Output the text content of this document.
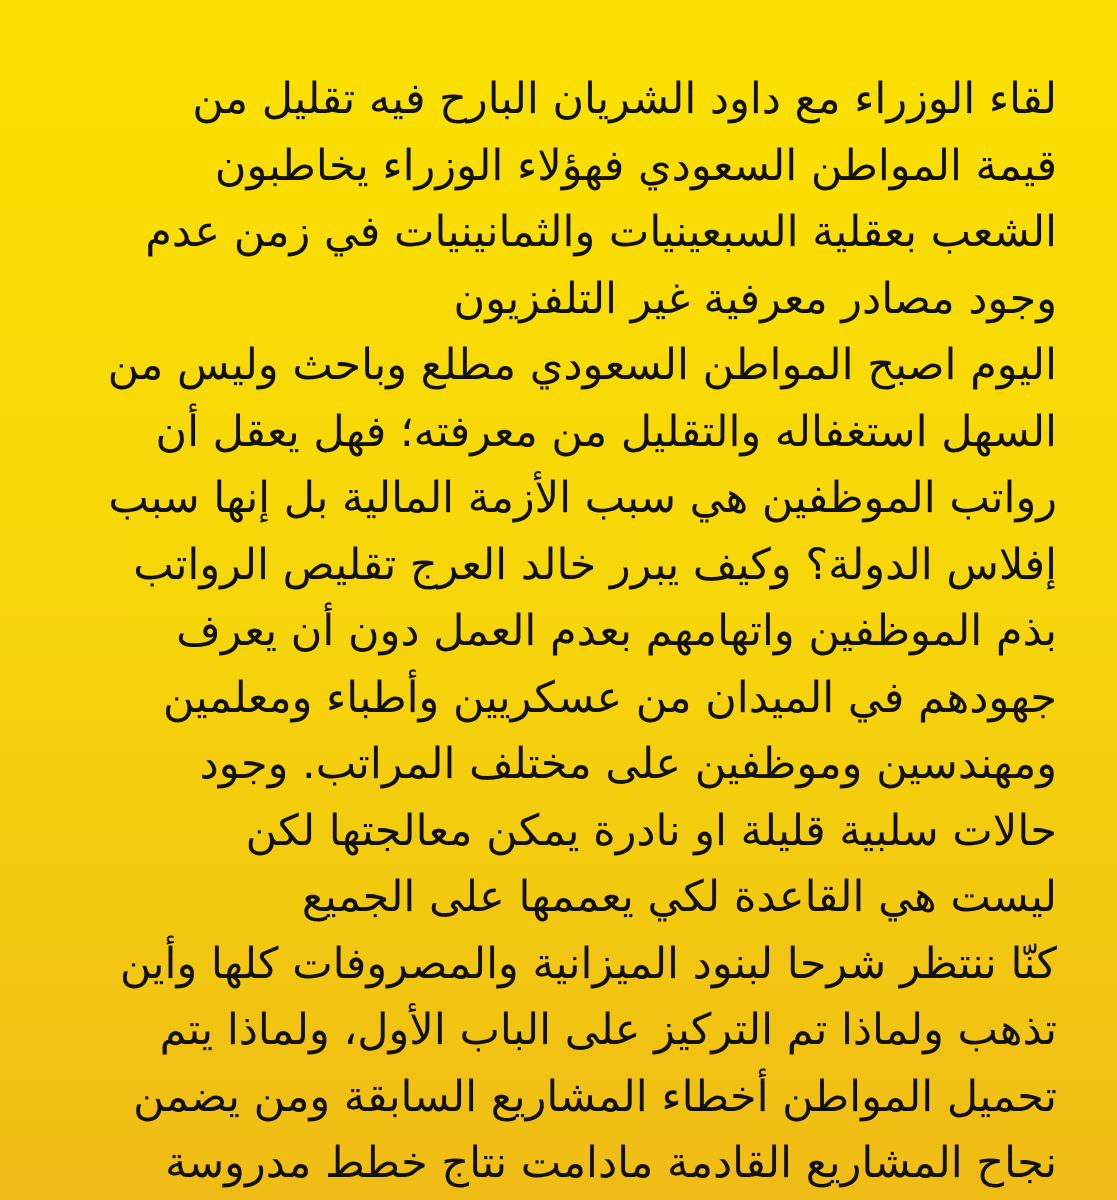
لقاء الوزراء مع داود الشريان البارح فيه تقليل من
قيمة المواطن السعودي فهؤلاء الوزراء يخاطبون
الشعب بعقلية السبعينيات والثمانينيات في زمن عدم
وجود مصادر معرفية غير التلفزيون
اليوم اصبح المواطن السعودي مطلع وباحث وليس من
السهل استغفاله والتقليل من معرفته؛ فهل يعقل أن
رواتب الموظفين هي سبب الأزمة المالية بل إنها سبب
إفلاس الدولة؟ وكيف يبرر خالد العرج تقليص الرواتب
بذم الموظفين واتهامهم بعدم العمل دون أن يعرف
جهودهم في الميدان من عسكريين وأطباء ومعلمين
ومهندسين وموظفين على مختلف المراتب. وجود
حالات سلبية قليلة او نادرة يمكن معالجتها لكن
ليست هي القاعدة لكي يعممها على الجميع
كنّا ننتظر شرحا لبنود الميزانية والمصروفات كلها وأين
تذهب ولماذا تم التركيز على الباب الأول، ولماذا يتم
تحميل المواطن أخطاء المشاريع السابقة ومن يضمن
نجاح المشاريع القادمة مادامت نتاج خطط مدروسة
